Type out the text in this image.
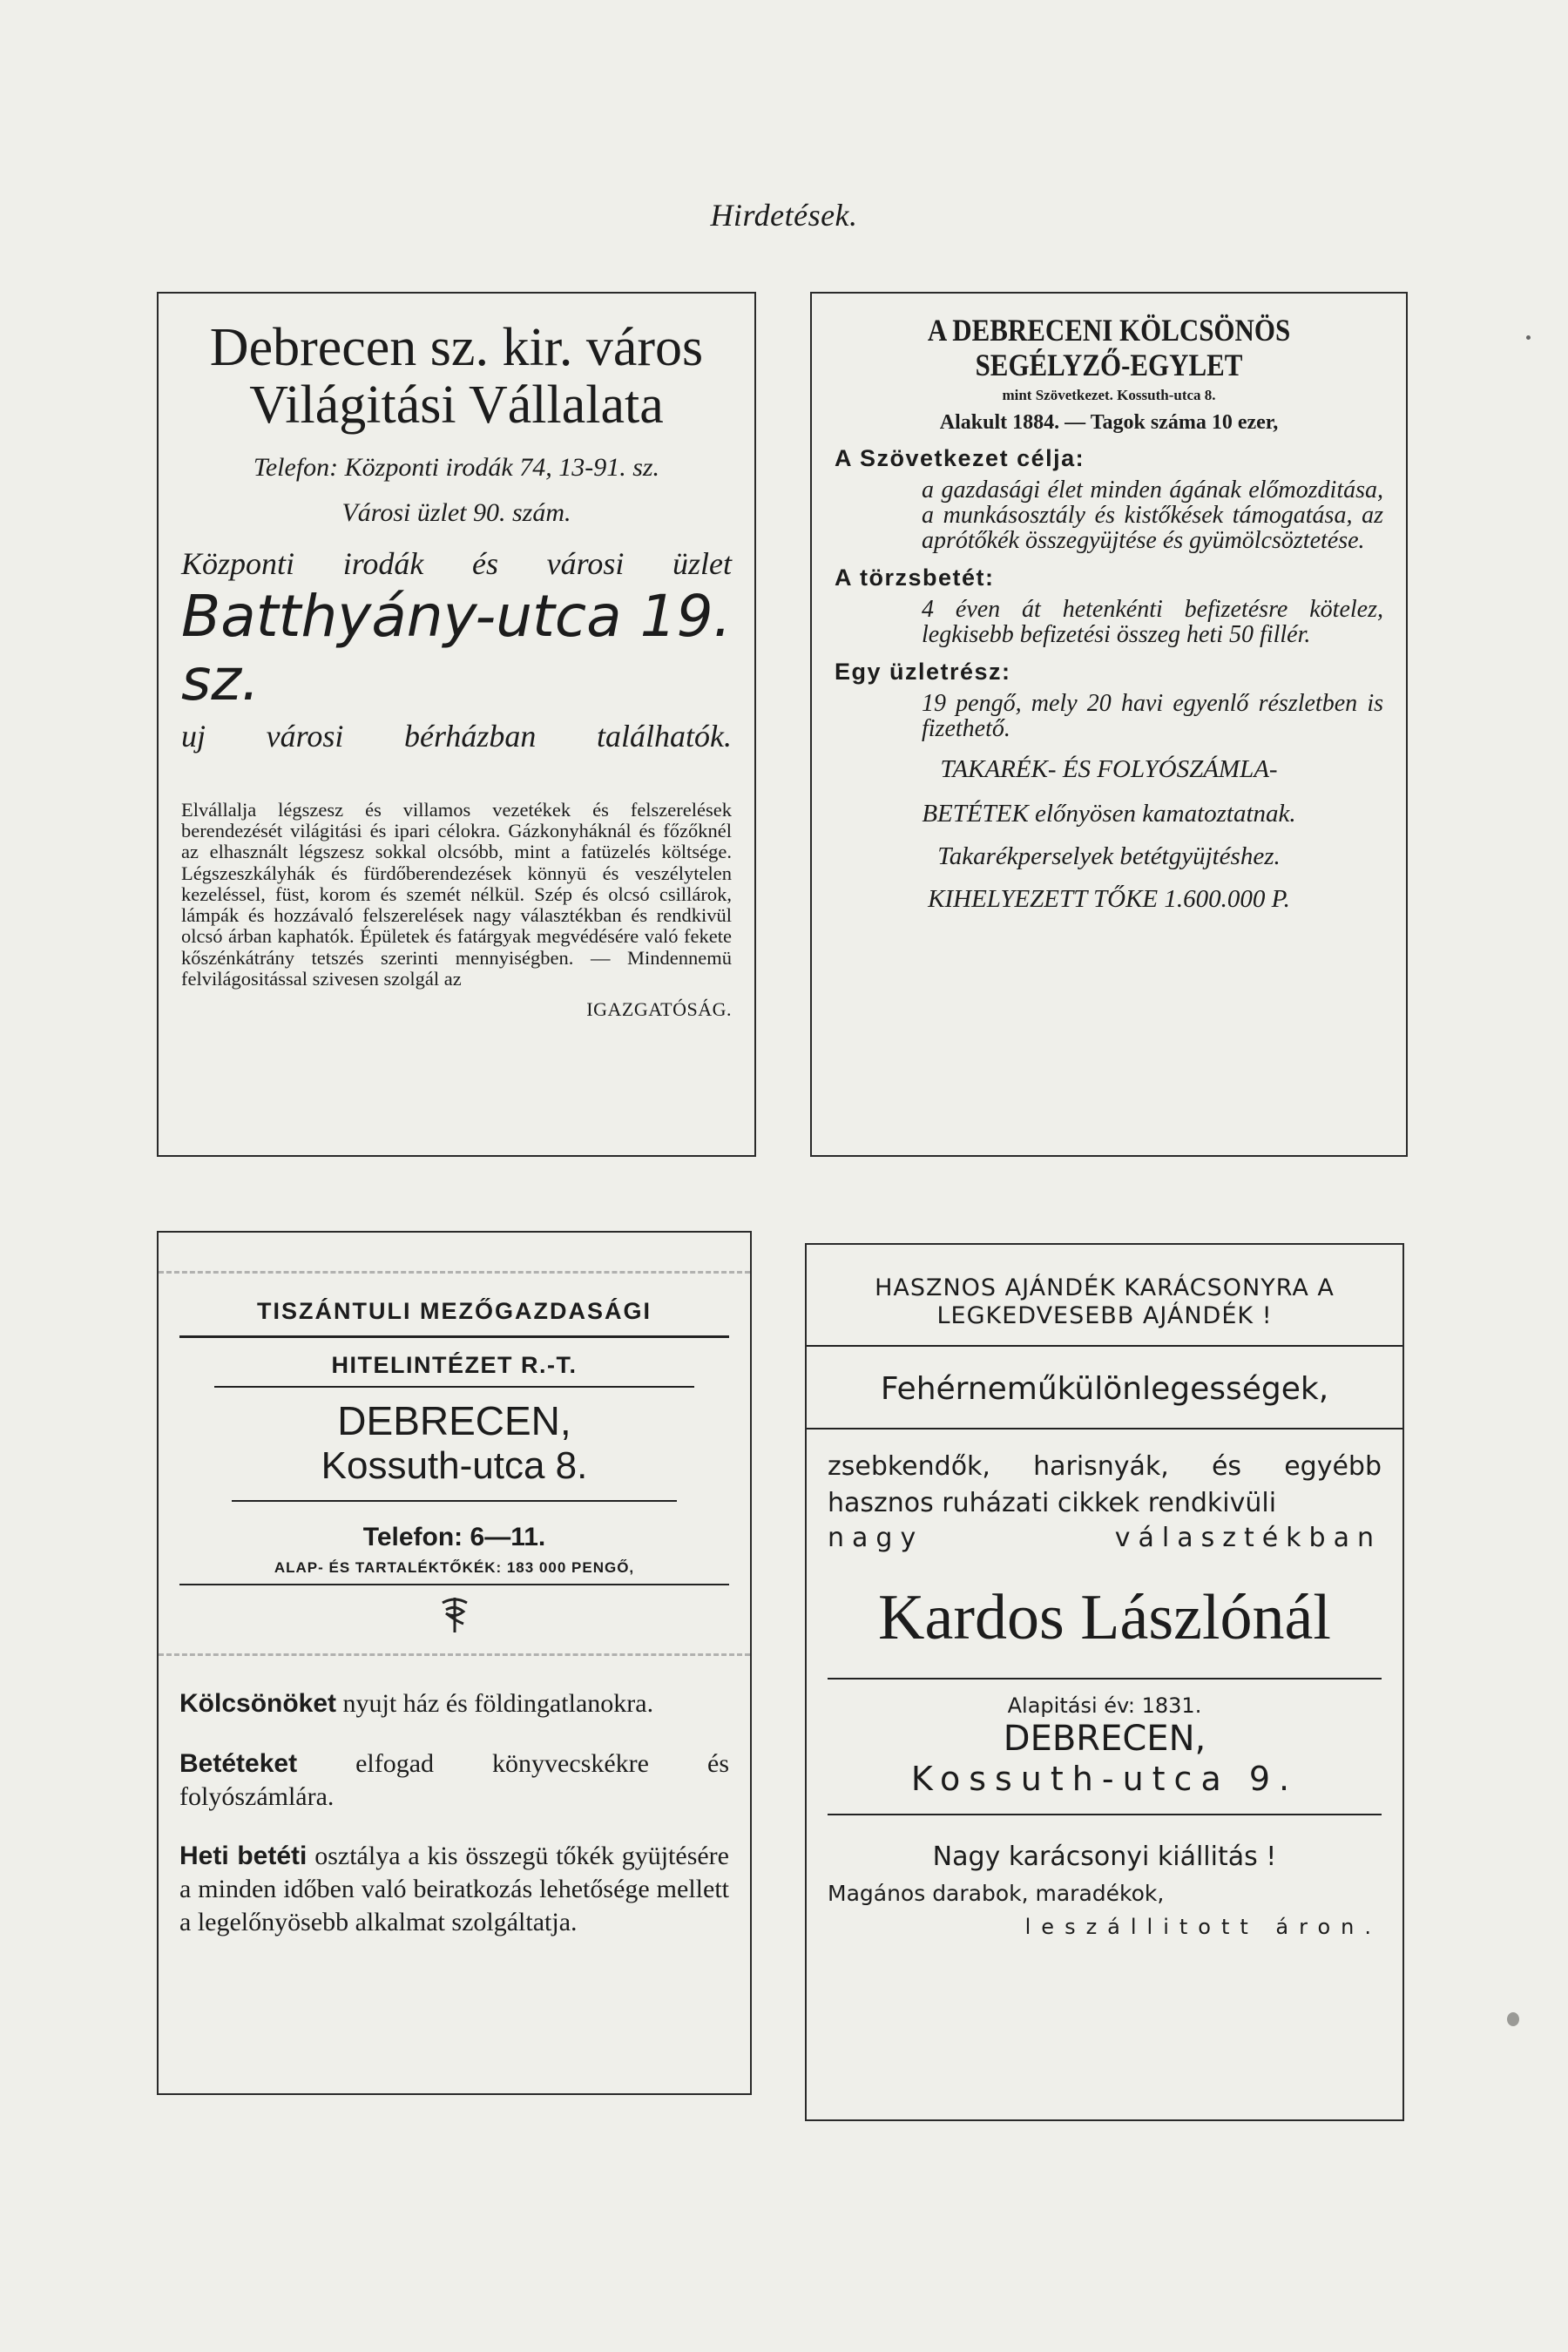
Hirdetések.
Debrecen sz. kir. város
Világitási Vállalata
Telefon: Központi irodák 74, 13-91. sz.
Városi üzlet 90. szám.
Központi irodák és városi üzlet
Batthyány-utca 19. sz.
uj városi bérházban találhatók.
Elvállalja légszesz és villamos vezetékek és felszerelések berendezését világitási és ipari célokra. Gázkonyháknál és főzőknél az elhasznált légszesz sokkal olcsóbb, mint a fatüzelés költsége. Légszeszkályhák és fürdőberendezések könnyü és veszélytelen kezeléssel, füst, korom és szemét nélkül. Szép és olcsó csillárok, lámpák és hozzávaló felszerelések nagy választékban és rendkivül olcsó árban kaphatók. Épületek és fatárgyak megvédésére való fekete kőszénkátrány tetszés szerinti mennyiségben. — Mindennemü felvilágositással szivesen szolgál az
IGAZGATÓSÁG.
A DEBRECENI KÖLCSÖNÖS
SEGÉLYZŐ-EGYLET
mint Szövetkezet. Kossuth-utca 8.
Alakult 1884. — Tagok száma 10 ezer,
A Szövetkezet célja:
a gazdasági élet minden ágának előmozditása, a munkásosztály és kistőkések támogatása, az aprótőkék összegyüjtése és gyümölcsöztetése.
A törzsbetét:
4 éven át hetenkénti befizetésre kötelez, legkisebb befizetési összeg heti 50 fillér.
Egy üzletrész:
19 pengő, mely 20 havi egyenlő részletben is fizethető.
TAKARÉK- ÉS FOLYÓSZÁMLA-
BETÉTEK előnyösen kamatoztatnak.
Takarékperselyek betétgyüjtéshez.
KIHELYEZETT TŐKE 1.600.000 P.
TISZÁNTULI MEZŐGAZDASÁGI
HITELINTÉZET R.-T.
DEBRECEN,
Kossuth-utca 8.
Telefon: 6—11.
ALAP- ÉS TARTALÉKTŐKÉK: 183 000 PENGŐ,
Kölcsönöket nyujt ház és földingatlanokra.
Betéteket elfogad könyvecskékre és folyószámlára.
Heti betéti osztálya a kis összegü tőkék gyüjtésére a minden időben való beiratkozás lehetősége mellett a legelőnyösebb alkalmat szolgáltatja.
HASZNOS AJÁNDÉK KARÁCSONYRA A
LEGKEDVESEBB AJÁNDÉK !
Fehérneműkülönlegességek,
zsebkendők, harisnyák, és egyébb hasznos ruházati cikkek rendkivüli
nagy választékban
Kardos Lászlónál
Alapitási év: 1831.
DEBRECEN,
Kossuth-utca 9.
Nagy karácsonyi kiállitás !
Magános darabok, maradékok,
leszállitott áron.
